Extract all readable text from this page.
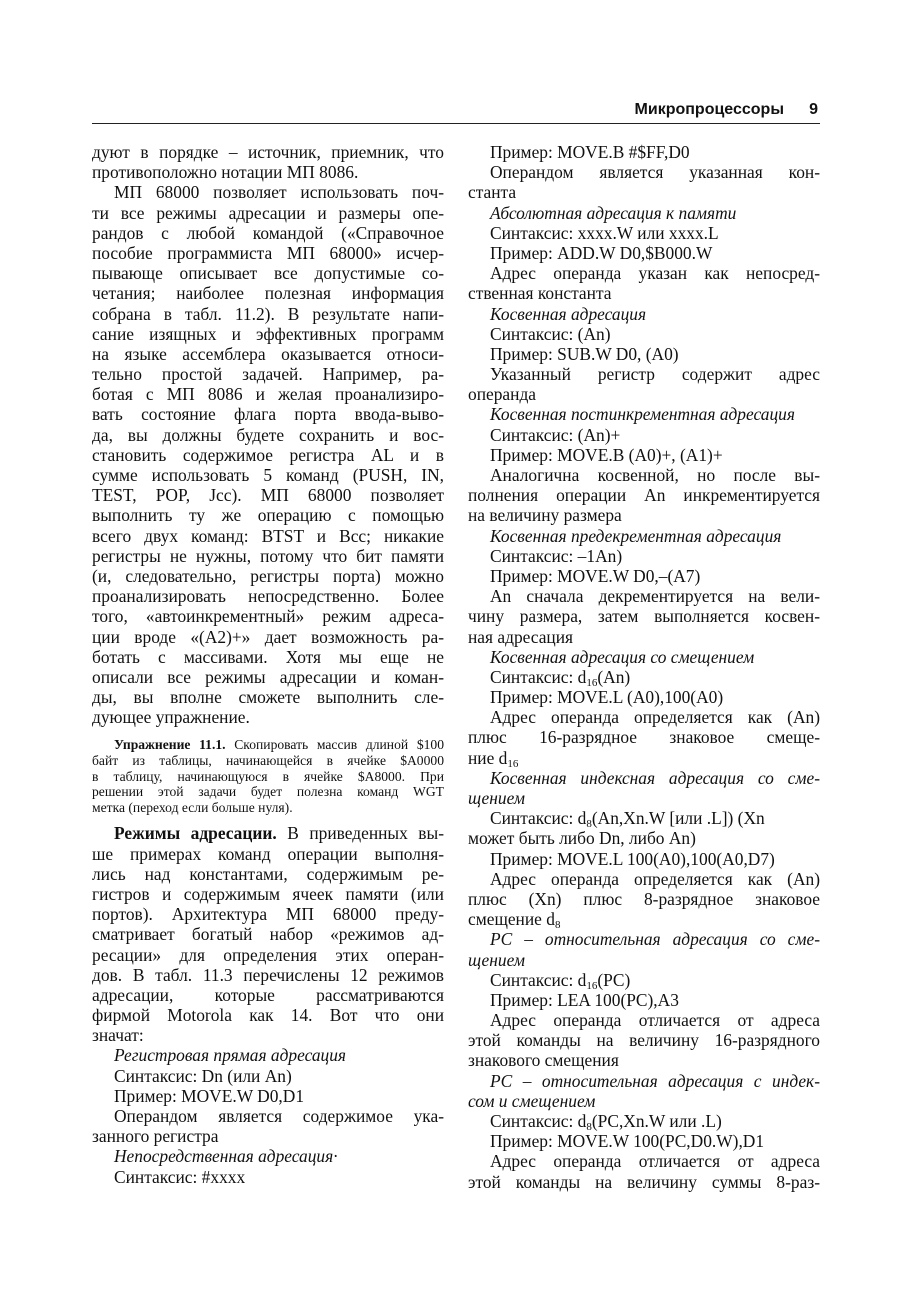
Микропроцессоры 9
дуют в порядке – источник, приемник, что
противоположно нотации МП 8086.
МП 68000 позволяет использовать поч-
ти все режимы адресации и размеры опе-
рандов с любой командой («Справочное
пособие программиста МП 68000» исчер-
пывающе описывает все допустимые со-
четания; наиболее полезная информация
собрана в табл. 11.2). В результате напи-
сание изящных и эффективных программ
на языке ассемблера оказывается относи-
тельно простой задачей. Например, ра-
ботая с МП 8086 и желая проанализиро-
вать состояние флага порта ввода-выво-
да, вы должны будете сохранить и вос-
становить содержимое регистра AL и в
сумме использовать 5 команд (PUSH, IN,
TEST, POP, Jcc). МП 68000 позволяет
выполнить ту же операцию с помощью
всего двух команд: BTST и Bcc; никакие
регистры не нужны, потому что бит памяти
(и, следовательно, регистры порта) можно
проанализировать непосредственно. Более
того, «автоинкрементный» режим адреса-
ции вроде «(A2)+» дает возможность ра-
ботать с массивами. Хотя мы еще не
описали все режимы адресации и коман-
ды, вы вполне сможете выполнить сле-
дующее упражнение.
Упражнение 11.1. Скопировать массив длиной $100
байт из таблицы, начинающейся в ячейке $A0000
в таблицу, начинающуюся в ячейке $A8000. При
решении этой задачи будет полезна команд WGT
метка (переход если больше нуля).
Режимы адресации. В приведенных вы-
ше примерах команд операции выполня-
лись над константами, содержимым ре-
гистров и содержимым ячеек памяти (или
портов). Архитектура МП 68000 преду-
сматривает богатый набор «режимов ад-
ресации» для определения этих операн-
дов. В табл. 11.3 перечислены 12 режимов
адресации, которые рассматриваются
фирмой Motorola как 14. Вот что они
значат:
Регистровая прямая адресация
Синтаксис: Dn (или An)
Пример: MOVE.W D0,D1
Операндом является содержимое ука-
занного регистра
Непосредственная адресация·
Синтаксис: #xxxx
Пример: MOVE.B #$FF,D0
Операндом является указанная кон-
станта
Абсолютная адресация к памяти
Синтаксис: xxxx.W или xxxx.L
Пример: ADD.W D0,$B000.W
Адрес операнда указан как непосред-
ственная константа
Косвенная адресация
Синтаксис: (An)
Пример: SUB.W D0, (A0)
Указанный регистр содержит адрес
операнда
Косвенная постинкрементная адресация
Синтаксис: (An)+
Пример: MOVE.B (A0)+, (A1)+
Аналогична косвенной, но после вы-
полнения операции An инкрементируется
на величину размера
Косвенная предекрементная адресация
Синтаксис: –1An)
Пример: MOVE.W D0,–(A7)
An сначала декрементируется на вели-
чину размера, затем выполняется косвен-
ная адресация
Косвенная адресация со смещением
Синтаксис: $d_{16}(An)$
Пример: MOVE.L (A0),100(A0)
Адрес операнда определяется как (An)
плюс 16-разрядное знаковое смеще-
ние $d_{16}$
Косвенная индексная адресация со сме-
щением
Синтаксис: $d_8(An,Xn.W$ [или .L]) (Xn
может быть либо Dn, либо An)
Пример: MOVE.L 100(A0),100(A0,D7)
Адрес операнда определяется как (An)
плюс (Xn) плюс 8-разрядное знаковое
смещение $d_8$
PC – относительная адресация со сме-
щением
Синтаксис: $d_{16}(PC)$
Пример: LEA 100(PC),A3
Адрес операнда отличается от адреса
этой команды на величину 16-разрядного
знакового смещения
PC – относительная адресация с индек-
сом и смещением
Синтаксис: $d_8(PC,Xn.W$ или .L)
Пример: MOVE.W 100(PC,D0.W),D1
Адрес операнда отличается от адреса
этой команды на величину суммы 8-раз-
